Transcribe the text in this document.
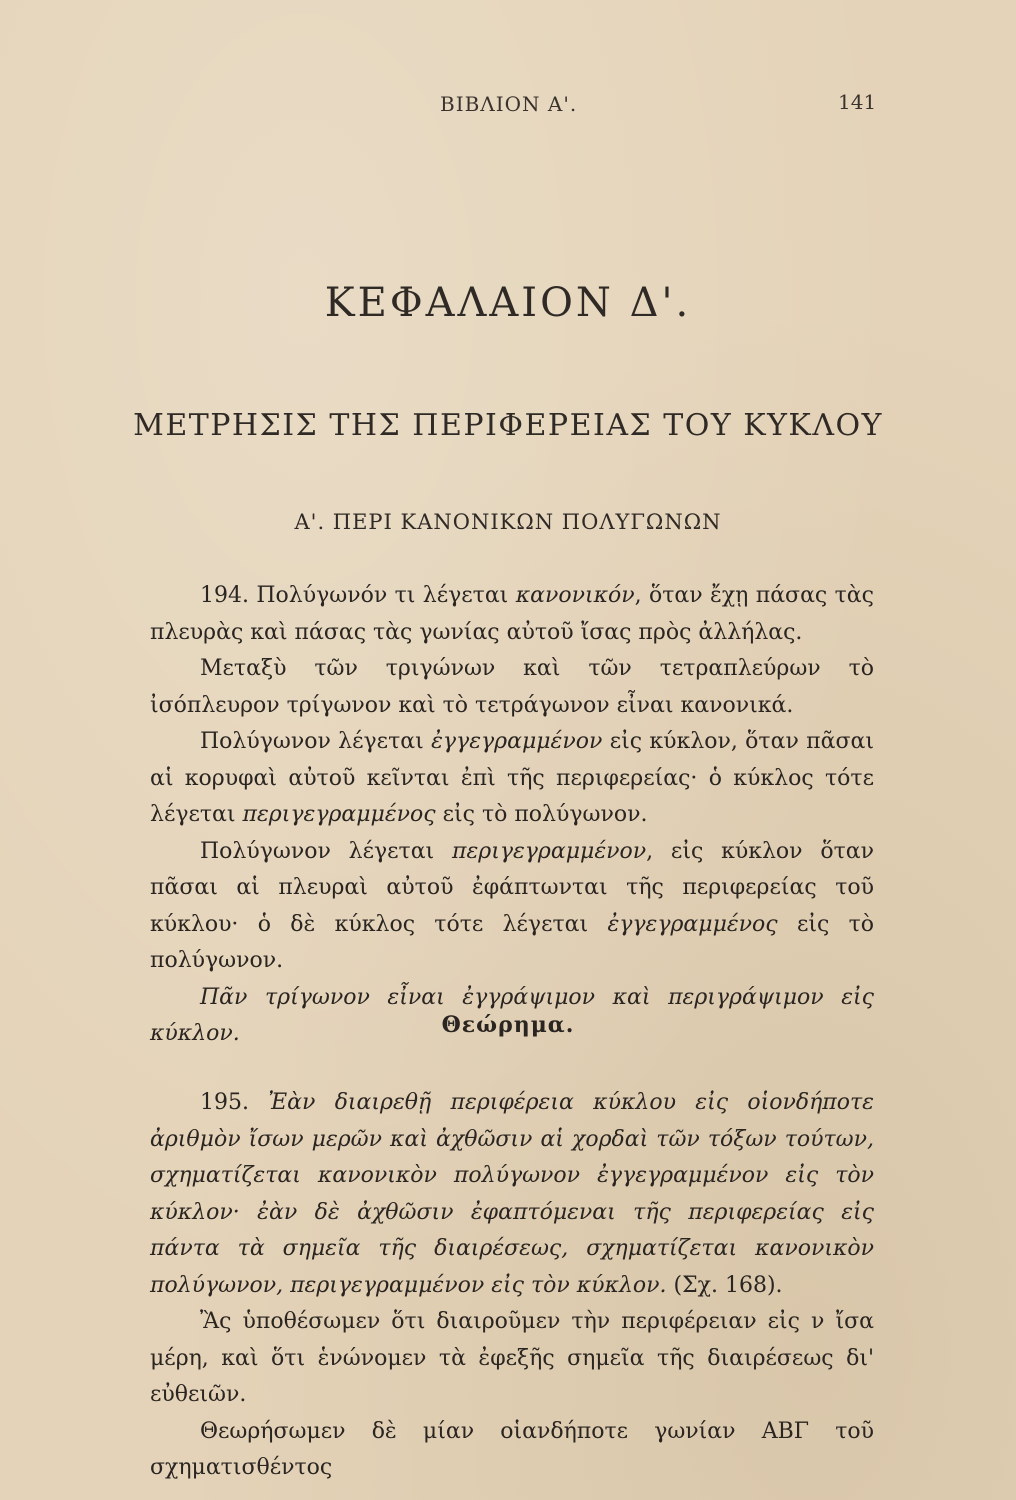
ΒΙΒΛΙΟΝ Α'.	141
ΚΕΦΑΛΑΙΟΝ Δ'.
ΜΕΤΡΗΣΙΣ ΤΗΣ ΠΕΡΙΦΕΡΕΙΑΣ ΤΟΥ ΚΥΚΛΟΥ
Α'. ΠΕΡΙ ΚΑΝΟΝΙΚΩΝ ΠΟΛΥΓΩΝΩΝ

194. Πολύγωνόν τι λέγεται κανονικόν, ὅταν ἔχῃ πάσας τὰς πλευρὰς καὶ πάσας τὰς γωνίας αὐτοῦ ἴσας πρὸς ἀλλήλας.

Μεταξὺ τῶν τριγώνων καὶ τῶν τετραπλεύρων τὸ ἰσόπλευρον τρίγωνον καὶ τὸ τετράγωνον εἶναι κανονικά.

Πολύγωνον λέγεται ἐγγεγραμμένον εἰς κύκλον, ὅταν πᾶσαι αἱ κορυφαὶ αὐτοῦ κεῖνται ἐπὶ τῆς περιφερείας· ὁ κύκλος τότε λέγεται περιγεγραμμένος εἰς τὸ πολύγωνον.

Πολύγωνον λέγεται περιγεγραμμένον, εἰς κύκλον ὅταν πᾶσαι αἱ πλευραὶ αὐτοῦ ἐφάπτωνται τῆς περιφερείας τοῦ κύκλου· ὁ δὲ κύκλος τότε λέγεται ἐγγεγραμμένος εἰς τὸ πολύγωνον.

Πᾶν τρίγωνον εἶναι ἐγγράψιμον καὶ περιγράψιμον εἰς κύκλον.	Θεώρημα.

195. Ἐὰν διαιρεθῇ περιφέρεια κύκλου εἰς οἱονδήποτε ἀριθμὸν ἴσων μερῶν καὶ ἀχθῶσιν αἱ χορδαὶ τῶν τόξων τούτων, σχηματίζεται κανονικὸν πολύγωνον ἐγγεγραμμένον εἰς τὸν κύκλον· ἐὰν δὲ ἀχθῶσιν ἐφαπτόμεναι τῆς περιφερείας εἰς πάντα τὰ σημεῖα τῆς διαιρέσεως, σχηματίζεται κανονικὸν πολύγωνον, περιγεγραμμένον εἰς τὸν κύκλον. (Σχ. 168).

Ἂς ὑποθέσωμεν ὅτι διαιροῦμεν τὴν περιφέρειαν εἰς ν ἴσα μέρη, καὶ ὅτι ἑνώνομεν τὰ ἐφεξῆς σημεῖα τῆς διαιρέσεως δι' εὐθειῶν.

Θεωρήσωμεν δὲ μίαν οἱανδήποτε γωνίαν ΑΒΓ τοῦ σχηματισθέντος
